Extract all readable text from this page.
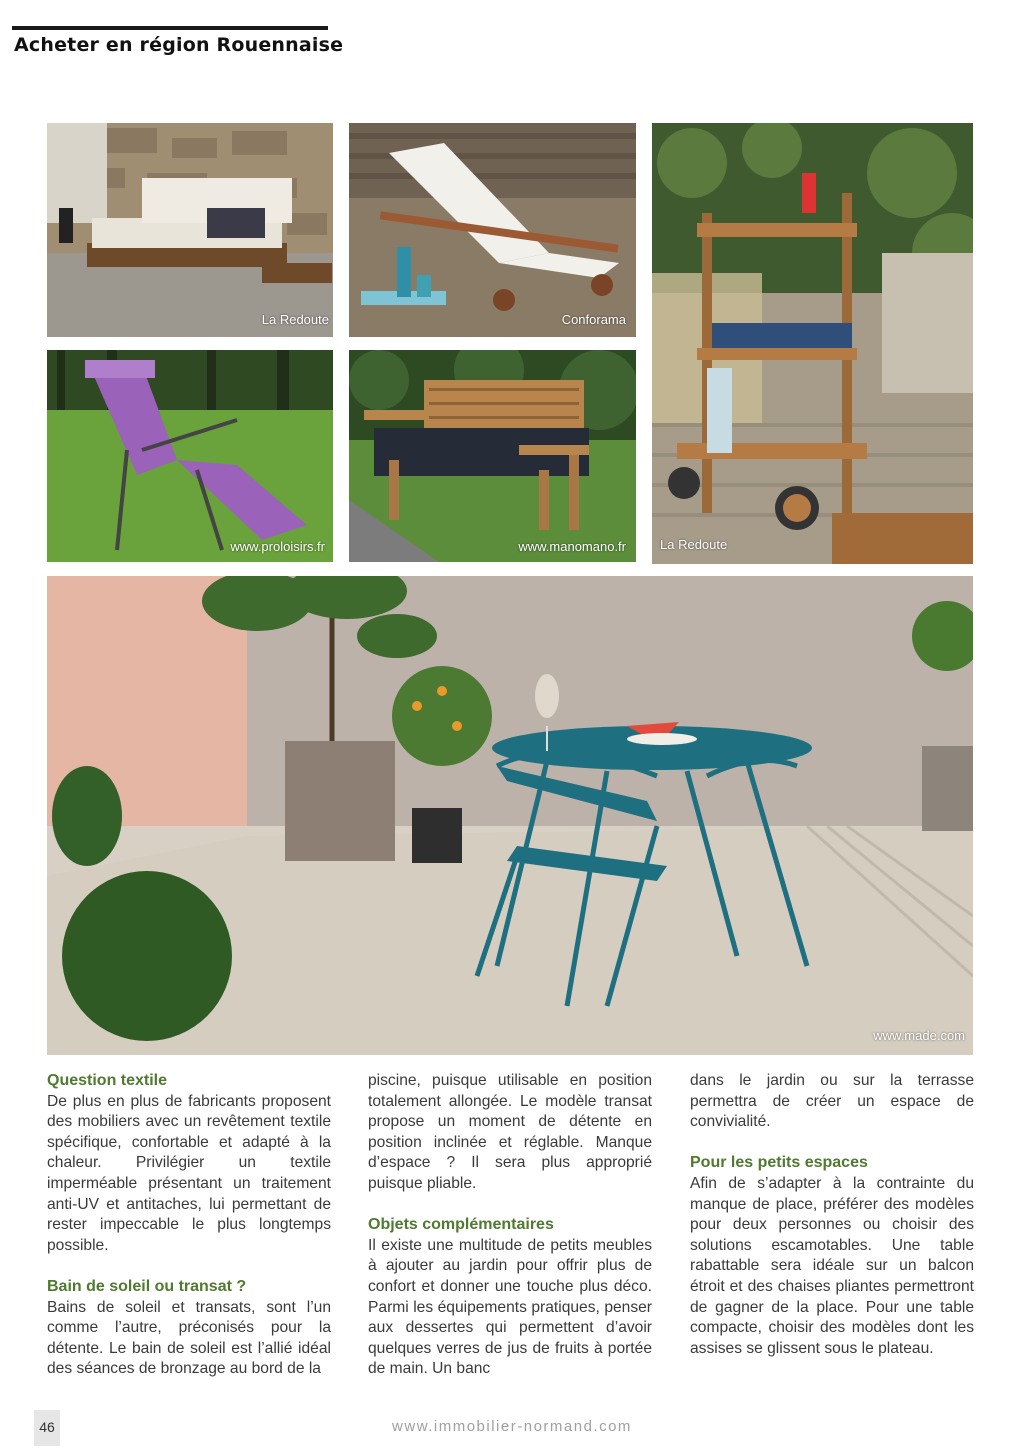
Acheter en région Rouennaise
La Redoute	Conforama
La Redoute
www.proloisirs.fr	www.manomano.fr
www.made.com
Question textile

De plus en plus de fabricants proposent des mobiliers avec un revêtement textile spécifique, confortable et adapté à la chaleur. Privilégier un textile imperméable présentant un traitement anti-UV et antitaches, lui permettant de rester impeccable le plus longtemps possible.

Bain de soleil ou transat ?

Bains de soleil et transats, sont l’un comme l’autre, préconisés pour la détente. Le bain de soleil est l’allié idéal des séances de bronzage au bord de la

piscine, puisque utilisable en position totalement allongée. Le modèle transat propose un moment de détente en position inclinée et réglable. Manque d’espace ? Il sera plus approprié puisque pliable.

Objets complémentaires

Il existe une multitude de petits meubles à ajouter au jardin pour offrir plus de confort et donner une touche plus déco. Parmi les équipements pratiques, penser aux dessertes qui permettent d’avoir quelques verres de jus de fruits à portée de main. Un banc

dans le jardin ou sur la terrasse permettra de créer un espace de convivialité.

Pour les petits espaces

Afin de s’adapter à la contrainte du manque de place, préférer des modèles pour deux personnes ou choisir des solutions escamotables. Une table rabattable sera idéale sur un balcon étroit et des chaises pliantes permettront de gagner de la place. Pour une table compacte, choisir des modèles dont les assises se glissent sous le plateau.

46	www.immobilier-normand.com
